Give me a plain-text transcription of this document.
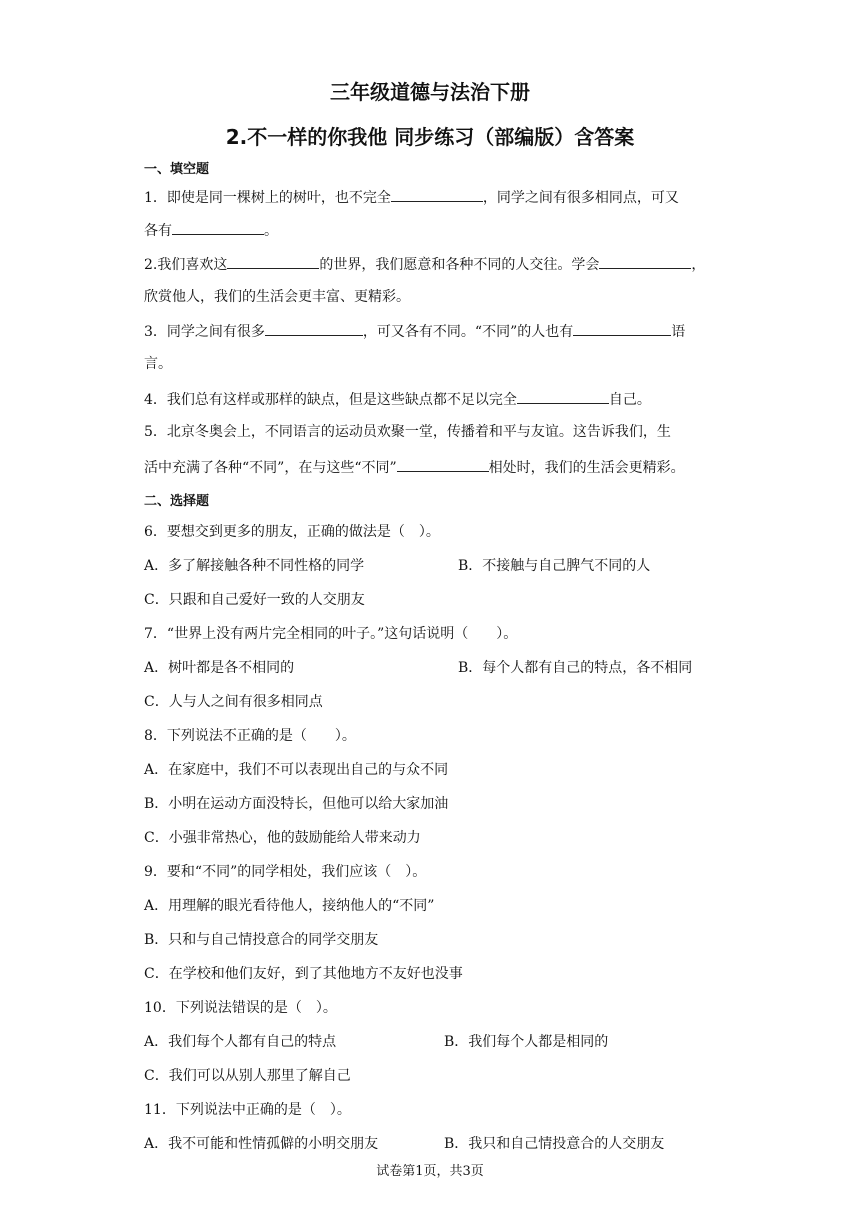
三年级道德与法治下册
2.不一样的你我他 同步练习（部编版）含答案
一、填空题
1．即使是同一棵树上的树叶，也不完全	，同学之间有很多相同点，可又
各有	。
2.我们喜欢这	的世界，我们愿意和各种不同的人交往。学会	，
欣赏他人，我们的生活会更丰富、更精彩。
3．同学之间有很多	，可又各有不同。“不同”的人也有	语
言。
4．我们总有这样或那样的缺点，但是这些缺点都不足以完全	自己。
5．北京冬奥会上，不同语言的运动员欢聚一堂，传播着和平与友谊。这告诉我们，生
活中充满了各种“不同”，在与这些“不同”	相处时，我们的生活会更精彩。
二、选择题
6．要想交到更多的朋友，正确的做法是（　）。
A．多了解接触各种不同性格的同学	B．不接触与自己脾气不同的人
C．只跟和自己爱好一致的人交朋友
7．“世界上没有两片完全相同的叶子。”这句话说明（　　）。
A．树叶都是各不相同的	B．每个人都有自己的特点，各不相同
C．人与人之间有很多相同点
8．下列说法不正确的是（　　）。
A．在家庭中，我们不可以表现出自己的与众不同
B．小明在运动方面没特长，但他可以给大家加油
C．小强非常热心，他的鼓励能给人带来动力
9．要和“不同”的同学相处，我们应该（　）。
A．用理解的眼光看待他人，接纳他人的“不同”
B．只和与自己情投意合的同学交朋友
C．在学校和他们友好，到了其他地方不友好也没事
10．下列说法错误的是（　）。
A．我们每个人都有自己的特点	B．我们每个人都是相同的
C．我们可以从别人那里了解自己
11．下列说法中正确的是（　）。
A．我不可能和性情孤僻的小明交朋友	B．我只和自己情投意合的人交朋友
试卷第1页，共3页
